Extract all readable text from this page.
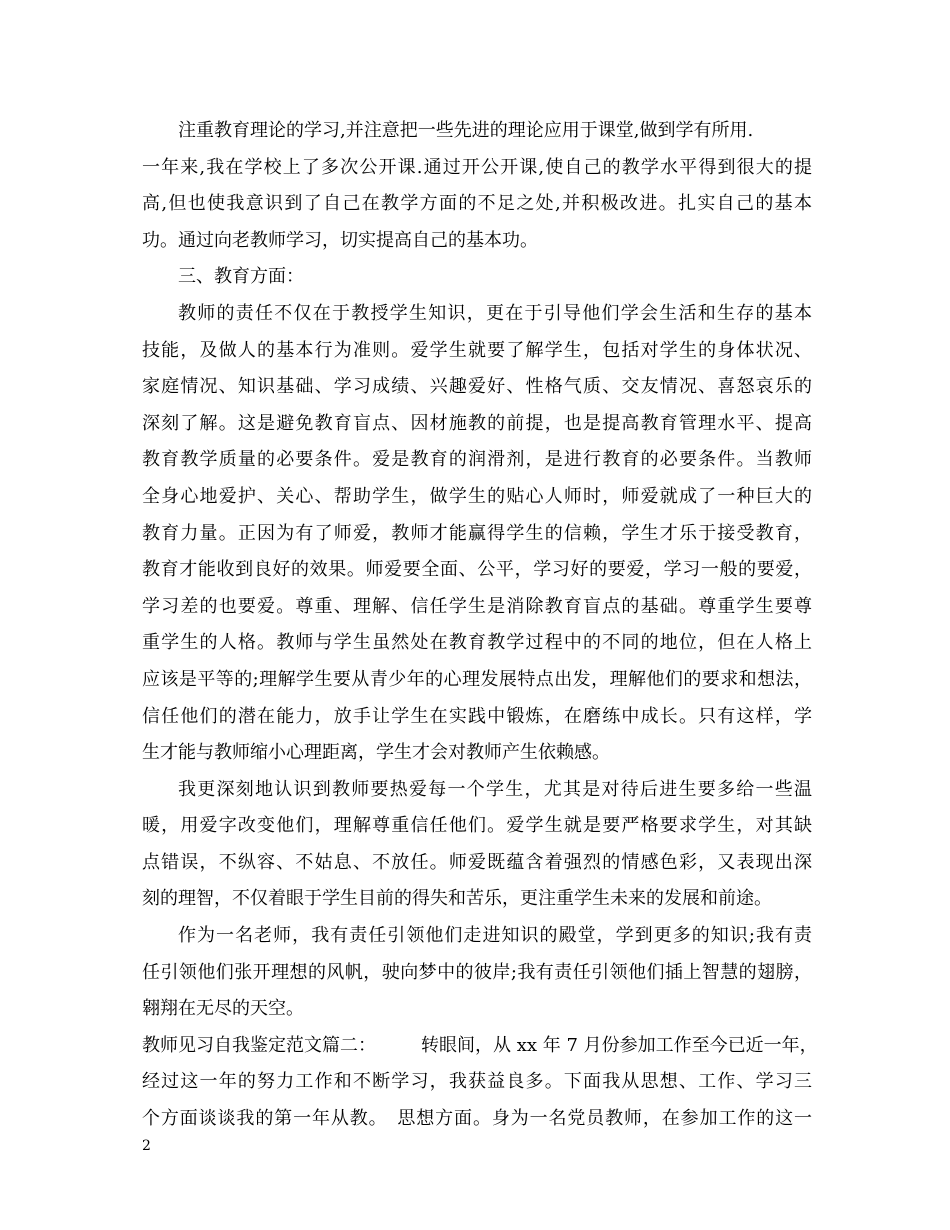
注重教育理论的学习,并注意把一些先进的理论应用于课堂,做到学有所用.
一年来,我在学校上了多次公开课.通过开公开课,使自己的教学水平得到很大的提
高,但也使我意识到了自己在教学方面的不足之处,并积极改进。扎实自己的基本
功。通过向老教师学习，切实提高自己的基本功。
三、教育方面：
教师的责任不仅在于教授学生知识，更在于引导他们学会生活和生存的基本
技能，及做人的基本行为准则。爱学生就要了解学生，包括对学生的身体状况、
家庭情况、知识基础、学习成绩、兴趣爱好、性格气质、交友情况、喜怒哀乐的
深刻了解。这是避免教育盲点、因材施教的前提，也是提高教育管理水平、提高
教育教学质量的必要条件。爱是教育的润滑剂，是进行教育的必要条件。当教师
全身心地爱护、关心、帮助学生，做学生的贴心人师时，师爱就成了一种巨大的
教育力量。正因为有了师爱，教师才能赢得学生的信赖，学生才乐于接受教育，
教育才能收到良好的效果。师爱要全面、公平，学习好的要爱，学习一般的要爱，
学习差的也要爱。尊重、理解、信任学生是消除教育盲点的基础。尊重学生要尊
重学生的人格。教师与学生虽然处在教育教学过程中的不同的地位，但在人格上
应该是平等的;理解学生要从青少年的心理发展特点出发，理解他们的要求和想法，
信任他们的潜在能力，放手让学生在实践中锻炼，在磨练中成长。只有这样，学
生才能与教师缩小心理距离，学生才会对教师产生依赖感。
我更深刻地认识到教师要热爱每一个学生，尤其是对待后进生要多给一些温
暖，用爱字改变他们，理解尊重信任他们。爱学生就是要严格要求学生，对其缺
点错误，不纵容、不姑息、不放任。师爱既蕴含着强烈的情感色彩，又表现出深
刻的理智，不仅着眼于学生目前的得失和苦乐，更注重学生未来的发展和前途。
作为一名老师，我有责任引领他们走进知识的殿堂，学到更多的知识;我有责
任引领他们张开理想的风帆，驶向梦中的彼岸;我有责任引领他们插上智慧的翅膀，
翱翔在无尽的天空。
教师见习自我鉴定范文篇二：　　　转眼间，从 xx 年 7 月份参加工作至今已近一年，
经过这一年的努力工作和不断学习，我获益良多。下面我从思想、工作、学习三
个方面谈谈我的第一年从教。　思想方面。身为一名党员教师，在参加工作的这一
2
